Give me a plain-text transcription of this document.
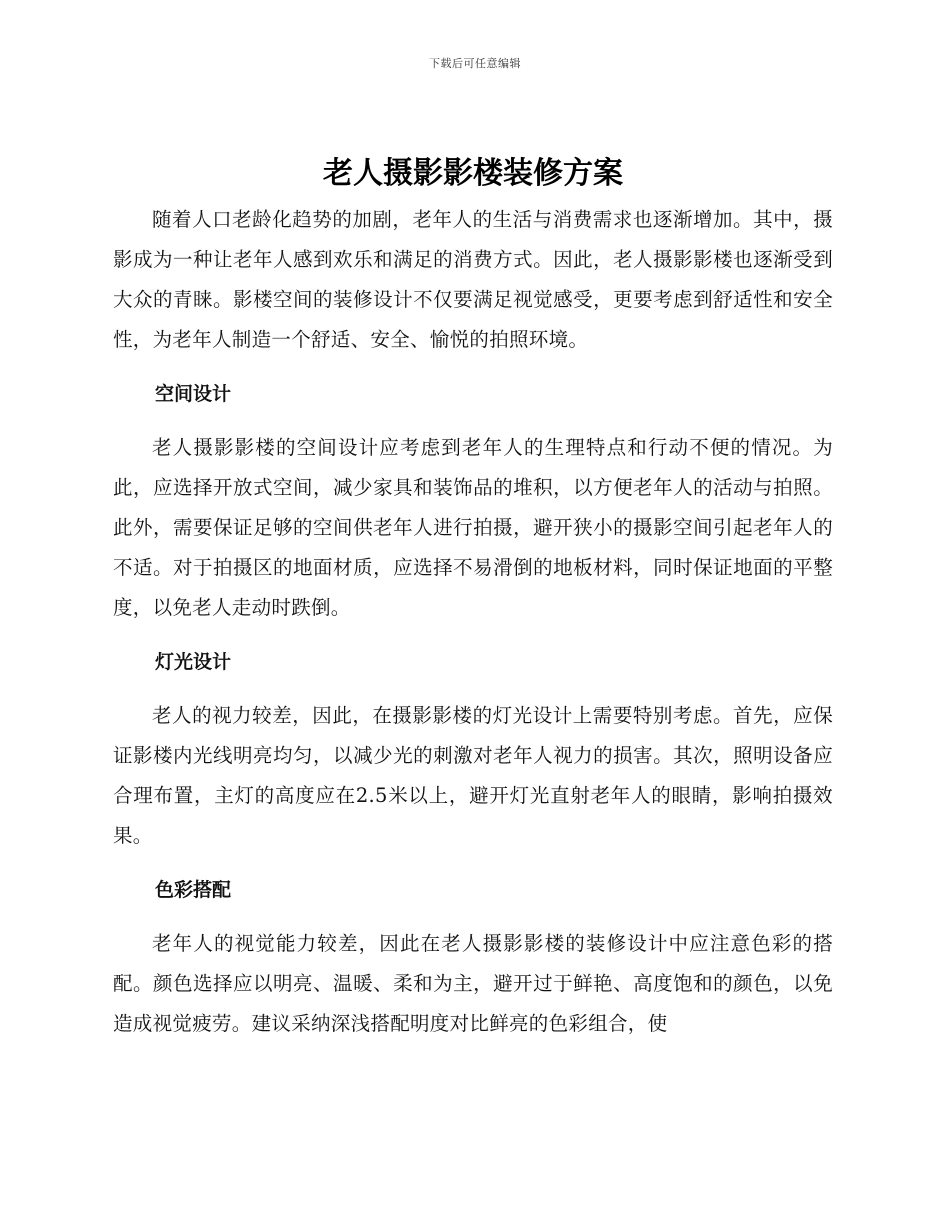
下载后可任意编辑
老人摄影影楼装修方案

随着人口老龄化趋势的加剧，老年人的生活与消费需求也逐渐增加。其中，摄影成为一种让老年人感到欢乐和满足的消费方式。因此，老人摄影影楼也逐渐受到大众的青睐。影楼空间的装修设计不仅要满足视觉感受，更要考虑到舒适性和安全性，为老年人制造一个舒适、安全、愉悦的拍照环境。

空间设计

老人摄影影楼的空间设计应考虑到老年人的生理特点和行动不便的情况。为此，应选择开放式空间，减少家具和装饰品的堆积，以方便老年人的活动与拍照。此外，需要保证足够的空间供老年人进行拍摄，避开狭小的摄影空间引起老年人的不适。对于拍摄区的地面材质，应选择不易滑倒的地板材料，同时保证地面的平整度，以免老人走动时跌倒。

灯光设计

老人的视力较差，因此，在摄影影楼的灯光设计上需要特别考虑。首先，应保证影楼内光线明亮均匀，以减少光的刺激对老年人视力的损害。其次，照明设备应合理布置，主灯的高度应在2.5米以上，避开灯光直射老年人的眼睛，影响拍摄效果。

色彩搭配

老年人的视觉能力较差，因此在老人摄影影楼的装修设计中应注意色彩的搭配。颜色选择应以明亮、温暖、柔和为主，避开过于鲜艳、高度饱和的颜色，以免造成视觉疲劳。建议采纳深浅搭配明度对比鲜亮的色彩组合，使
